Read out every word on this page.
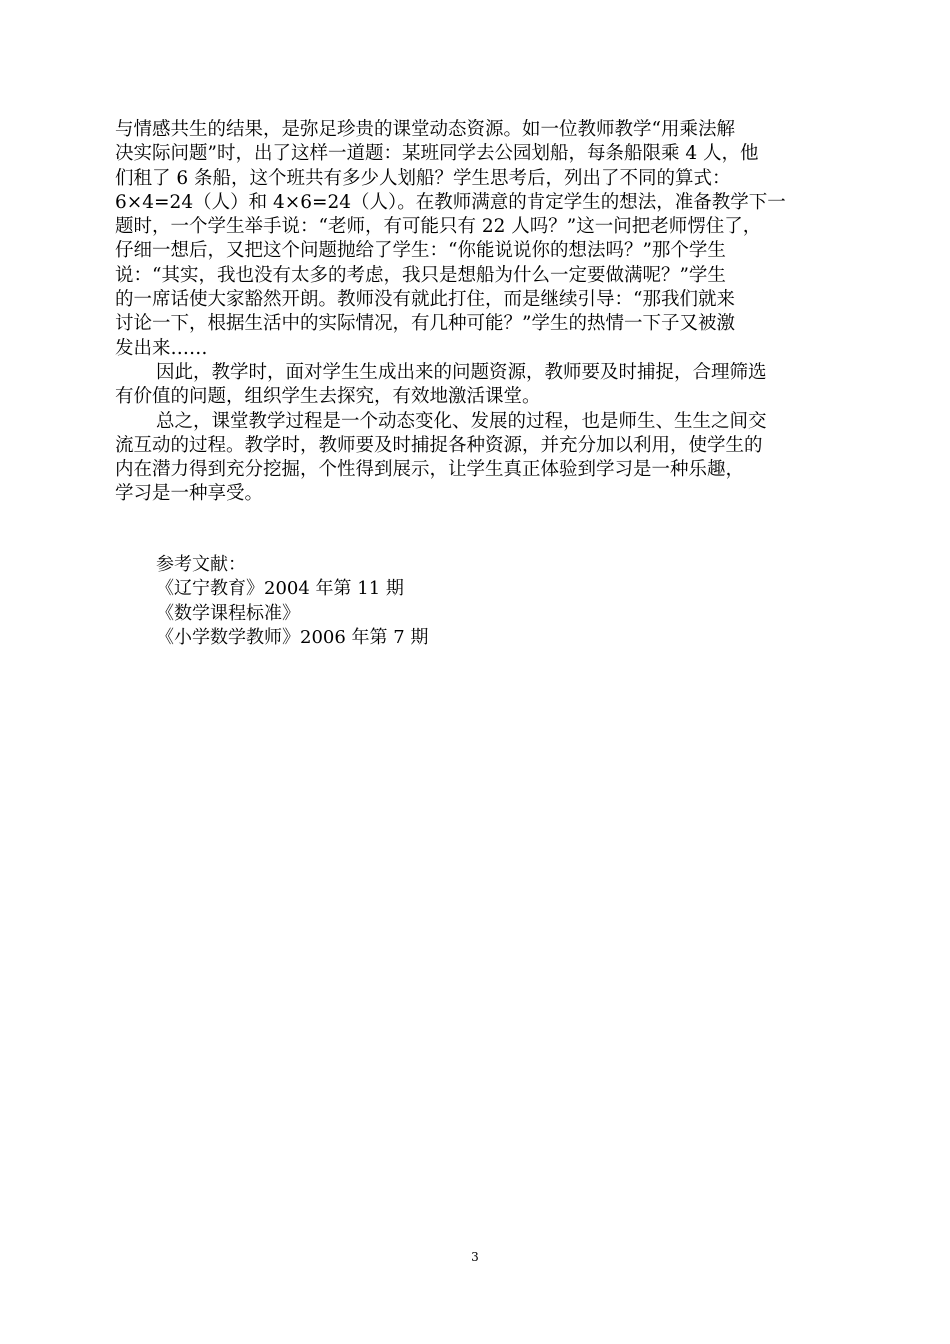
与情感共生的结果，是弥足珍贵的课堂动态资源。如一位教师教学“用乘法解
决实际问题”时，出了这样一道题：某班同学去公园划船，每条船限乘 4 人，他
们租了 6 条船，这个班共有多少人划船？学生思考后，列出了不同的算式：
6×4=24（人）和 4×6=24（人）。在教师满意的肯定学生的想法，准备教学下一
题时，一个学生举手说：“老师，有可能只有 22 人吗？”这一问把老师愣住了，
仔细一想后，又把这个问题抛给了学生：“你能说说你的想法吗？”那个学生
说：“其实，我也没有太多的考虑，我只是想船为什么一定要做满呢？”学生
的一席话使大家豁然开朗。教师没有就此打住，而是继续引导：“那我们就来
讨论一下，根据生活中的实际情况，有几种可能？”学生的热情一下子又被激
发出来……
因此，教学时，面对学生生成出来的问题资源，教师要及时捕捉，合理筛选
有价值的问题，组织学生去探究，有效地激活课堂。
总之，课堂教学过程是一个动态变化、发展的过程，也是师生、生生之间交
流互动的过程。教学时，教师要及时捕捉各种资源，并充分加以利用，使学生的
内在潜力得到充分挖掘，个性得到展示，让学生真正体验到学习是一种乐趣，
学习是一种享受。
参考文献：
《辽宁教育》2004 年第 11 期
《数学课程标准》
《小学数学教师》2006 年第 7 期
3
